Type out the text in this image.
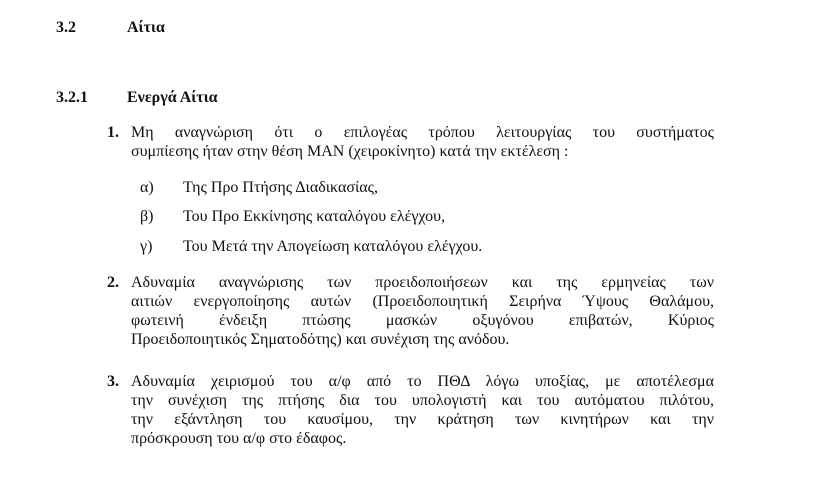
3.2	Αίτια
3.2.1 Ενεργά Αίτια
1. Μη αναγνώριση ότι ο επιλογέας τρόπου λειτουργίας του συστήματος
συμπίεσης ήταν στην θέση MAN (χειροκίνητο) κατά την εκτέλεση :
α) Της Προ Πτήσης Διαδικασίας,
β) Του Προ Εκκίνησης καταλόγου ελέγχου,
γ) Του Μετά την Απογείωση καταλόγου ελέγχου.
2. Αδυναμία αναγνώρισης των προειδοποιήσεων και της ερμηνείας των
αιτιών ενεργοποίησης αυτών (Προειδοποιητική Σειρήνα Ύψους Θαλάμου,
φωτεινή ένδειξη πτώσης μασκών οξυγόνου επιβατών, Κύριος
Προειδοποιητικός Σηματοδότης) και συνέχιση της ανόδου.
3. Αδυναμία χειρισμού του α/φ από το ΠΘΔ λόγω υποξίας, με αποτέλεσμα
την συνέχιση της πτήσης δια του υπολογιστή και του αυτόματου πιλότου,
την εξάντληση του καυσίμου, την κράτηση των κινητήρων και την
πρόσκρουση του α/φ στο έδαφος.
